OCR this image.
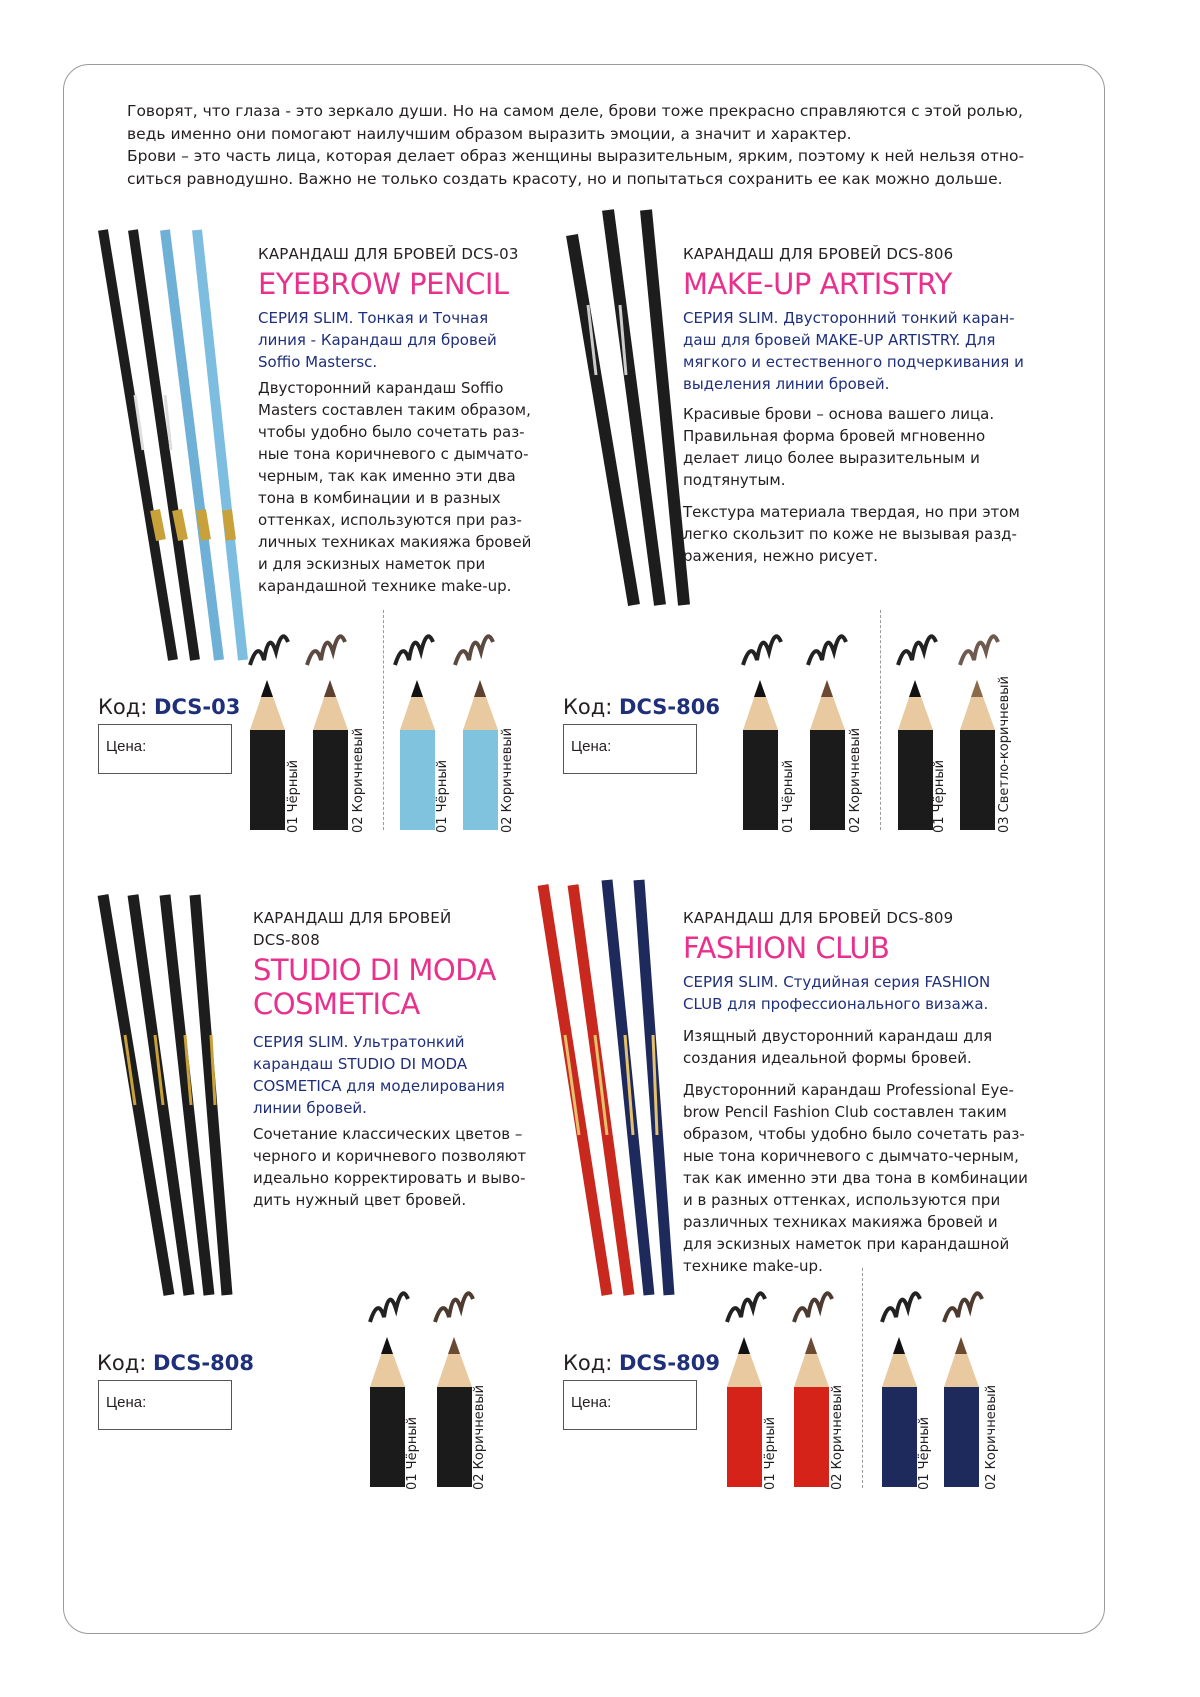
Говорят, что глаза - это зеркало души. Но на самом деле, брови тоже прекрасно справляются с этой ролью,

ведь именно они помогают наилучшим образом выразить эмоции, а значит и характер.

Брови – это часть лица, которая делает образ женщины выразительным, ярким, поэтому к ней нельзя отно-

ситься равнодушно. Важно не только создать красоту, но и попытаться сохранить ее как можно дольше.

КАРАНДАШ ДЛЯ БРОВЕЙ DCS-03

EYEBROW PENCIL
СЕРИЯ SLIM. Тонкая и Точная
линия - Карандаш для бровей
Soffio Mastersc.

Двусторонний карандаш Soffio

Masters составлен таким образом,

чтобы удобно было сочетать раз-

ные тона коричневого с дымчато-

черным, так как именно эти два

тона в комбинации и в разных

оттенках, используются при раз-

личных техниках макияжа бровей

и для эскизных наметок при

карандашной технике make-up.

Код: DCS-03
Цена:
01 Чёрный	02 Коричневый	01 Чёрный	02 Коричневый

КАРАНДАШ ДЛЯ БРОВЕЙ DCS-806

MAKE-UP ARTISTRY
СЕРИЯ SLIM. Двусторонний тонкий каран-
даш для бровей MAKE-UP ARTISTRY. Для
мягкого и естественного подчеркивания и
выделения линии бровей.

Красивые брови – основа вашего лица.

Правильная форма бровей мгновенно

делает лицо более выразительным и

подтянутым.

Текстура материала твердая, но при этом

легко скользит по коже не вызывая разд-

ражения, нежно рисует.

Код: DCS-806
Цена:
01 Чёрный	02 Коричневый	01 Чёрный	03 Светло-коричневый

КАРАНДАШ ДЛЯ БРОВЕЙ

DCS-808

STUDIO DI MODA
COSMETICA
СЕРИЯ SLIM. Ультратонкий
карандаш STUDIO DI MODA
COSMETICA для моделирования
линии бровей.

Сочетание классических цветов –

черного и коричневого позволяют

идеально корректировать и выво-

дить нужный цвет бровей.

Код: DCS-808
Цена:
01 Чёрный	02 Коричневый

КАРАНДАШ ДЛЯ БРОВЕЙ DCS-809

FASHION CLUB
СЕРИЯ SLIM. Студийная серия FASHION
CLUB для профессионального визажа.

Изящный двусторонний карандаш для

создания идеальной формы бровей.

Двусторонний карандаш Professional Eye-

brow Pencil Fashion Club составлен таким

образом, чтобы удобно было сочетать раз-

ные тона коричневого с дымчато-черным,

так как именно эти два тона в комбинации

и в разных оттенках, используются при

различных техниках макияжа бровей и

для эскизных наметок при карандашной

технике make-up.

Код: DCS-809
Цена:
01 Чёрный	02 Коричневый	01 Чёрный	02 Коричневый
